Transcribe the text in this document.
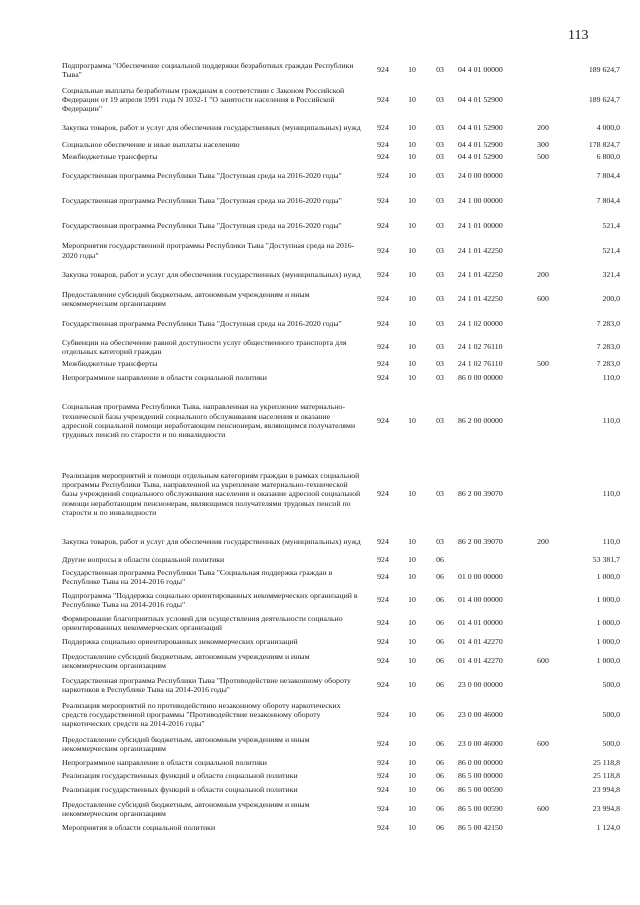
113
Подпрограмма "Обеспечение социальной поддержки безработных граждан Республики Тыва"	924	10	03	04 4 01 00000		189 624,7
Социальные выплаты безработным гражданам в соответствии с Законом Российской Федерации от 19 апреля 1991 года N 1032-1 "О занятости населения в Российской Федерации"	924	10	03	04 4 01 52900		189 624,7
Закупка товаров, работ и услуг для обеспечения государственных (муниципальных) нужд	924	10	03	04 4 01 52900	200	4 000,0
Социальное обеспечение и иные выплаты населению	924	10	03	04 4 01 52900	300	178 824,7
Межбюджетные трансферты	924	10	03	04 4 01 52900	500	6 800,0
Государственная программа Республики Тыва "Доступная среда на 2016-2020 годы"	924	10	03	24 0 00 00000		7 804,4
Государственная программа Республики Тыва "Доступная среда на 2016-2020 годы"	924	10	03	24 1 00 00000		7 804,4
Государственная программа Республики Тыва "Доступная среда на 2016-2020 годы"	924	10	03	24 1 01 00000		521,4
Мероприятия государственной программы Республики Тыва "Доступная среда на 2016-2020 годы"	924	10	03	24 1 01 42250		521,4
Закупка товаров, работ и услуг для обеспечения государственных (муниципальных) нужд	924	10	03	24 1 01 42250	200	321,4
Предоставление субсидий бюджетным, автономным учреждениям и иным некоммерческим организациям	924	10	03	24 1 01 42250	600	200,0
Государственная программа Республики Тыва "Доступная среда на 2016-2020 годы"	924	10	03	24 1 02 00000		7 283,0
Субвенции на обеспечение равной доступности услуг общественного транспорта для отдельных категорий граждан	924	10	03	24 1 02 76110		7 283,0
Межбюджетные трансферты	924	10	03	24 1 02 76110	500	7 283,0
Непрограммное направление в области социальной политики	924	10	03	86 0 00 00000		110,0
Социальная программа Республики Тыва, направленная на укрепление материально-технической базы учреждений социального обслуживания населения и оказание адресной социальной помощи неработающим пенсионерам, являющимся получателями трудовых пенсий по старости и по инвалидности	924	10	03	86 2 00 00000		110,0
Реализация мероприятий и помощи отдельным категориям граждан в рамках социальной программы Республики Тыва, направленной на укрепление материально-технической базы учреждений социального обслуживания населения и оказание адресной социальной помощи неработающим пенсионерам, являющимся получателями трудовых пенсий по старости и по инвалидности	924	10	03	86 2 00 39070		110,0
Закупка товаров, работ и услуг для обеспечения государственных (муниципальных) нужд	924	10	03	86 2 00 39070	200	110,0
Другие вопросы в области социальной политики	924	10	06			53 381,7
Государственная программа Республики Тыва "Социальная поддержка граждан в Республике Тыва на 2014-2016 годы"	924	10	06	01 0 00 00000		1 000,0
Подпрограмма "Поддержка социально ориентированных некоммерческих организаций в Республике Тыва на 2014-2016 годы"	924	10	06	01 4 00 00000		1 000,0
Формирование благоприятных условий для осуществления деятельности социально ориентированных некоммерческих организаций	924	10	06	01 4 01 00000		1 000,0
Поддержка социально ориентированных некоммерческих организаций	924	10	06	01 4 01 42270		1 000,0
Предоставление субсидий бюджетным, автономным учреждениям и иным некоммерческим организациям	924	10	06	01 4 01 42270	600	1 000,0
Государственная программа Республики Тыва "Противодействие незаконному обороту наркотиков в Республике Тыва на 2014-2016 годы"	924	10	06	23 0 00 00000		500,0
Реализация мероприятий по противодействию незаконному обороту наркотических средств государственной программы "Противодействие незаконному обороту наркотических средств на 2014-2016 годы"	924	10	06	23 0 00 46000		500,0
Предоставление субсидий бюджетным, автономным учреждениям и иным некоммерческим организациям	924	10	06	23 0 00 46000	600	500,0
Непрограммное направление в области социальной политики	924	10	06	86 0 00 00000		25 118,8
Реализация государственных функций в области социальной политики	924	10	06	86 5 00 00000		25 118,8
Реализация государственных функций в области социальной политики	924	10	06	86 5 00 00590		23 994,8
Предоставление субсидий бюджетным, автономным учреждениям и иным некоммерческим организациям	924	10	06	86 5 00 00590	600	23 994,8
Мероприятия в области социальной политики	924	10	06	86 5 00 42150		1 124,0
